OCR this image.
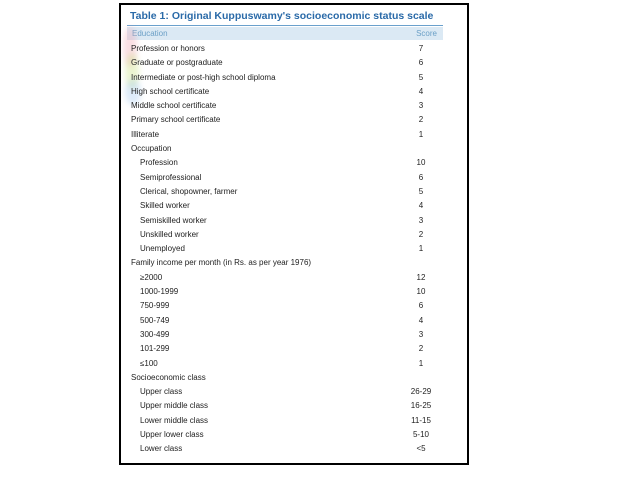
Table 1: Original Kuppuswamy's socioeconomic status scale
Education	Score
Profession or honors	7
Graduate or postgraduate	6
Intermediate or post-high school diploma	5
High school certificate	4
Middle school certificate	3
Primary school certificate	2
Illiterate	1
Occupation
Profession	10
Semiprofessional	6
Clerical, shopowner, farmer	5
Skilled worker	4
Semiskilled worker	3
Unskilled worker	2
Unemployed	1
Family income per month (in Rs. as per year 1976)
≥2000	12
1000-1999	10
750-999	6
500-749	4
300-499	3
101-299	2
≤100	1
Socioeconomic class
Upper class	26-29
Upper middle class	16-25
Lower middle class	11-15
Upper lower class	5-10
Lower class	<5
